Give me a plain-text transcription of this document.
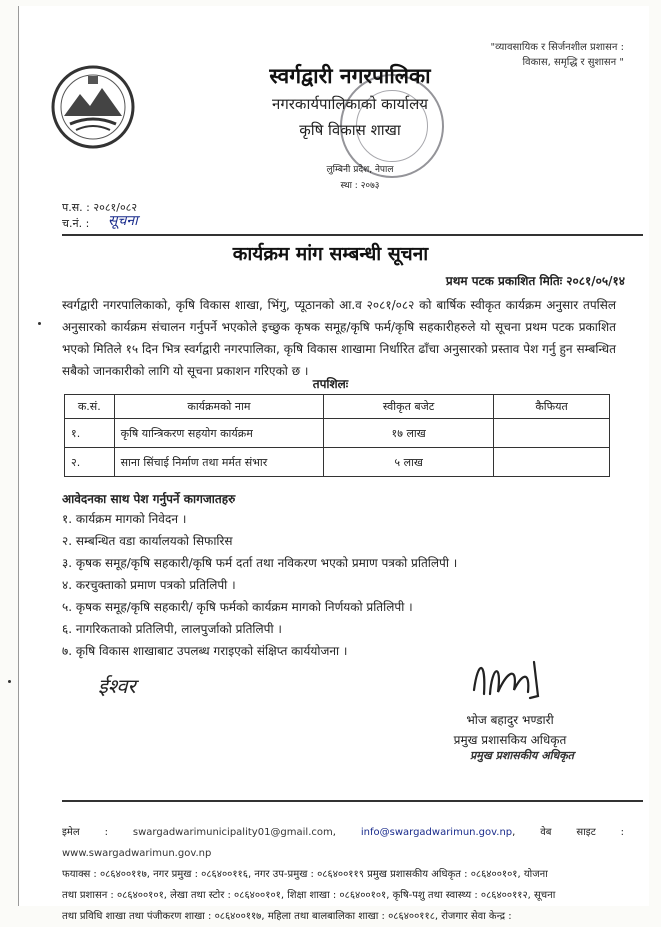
"व्यावसायिक र सिर्जनशील प्रशासन :
विकास, समृद्धि र सुशासन "
स्वर्गद्वारी नगरपालिका
नगरकार्यपालिकाको कार्यालय
कृषि विकास शाखा
लुम्बिनी प्रदेश, नेपाल
स्था : २०७३
प.स. : २०८१/०८२
च.नं. : सूचना
कार्यक्रम मांग सम्बन्धी सूचना
प्रथम पटक प्रकाशित मितिः २०८१/०५/१४
स्वर्गद्वारी नगरपालिकाको, कृषि विकास शाखा, भिंगु, प्यूठानको आ.व २०८१/०८२ को बार्षिक स्वीकृत कार्यक्रम अनुसार तपसिल अनुसारको कार्यक्रम संचालन गर्नुपर्ने भएकोले इच्छुक कृषक समूह/कृषि फर्म/कृषि सहकारीहरुले यो सूचना प्रथम पटक प्रकाशित भएको मितिले १५ दिन भित्र स्वर्गद्वारी नगरपालिका, कृषि विकास शाखामा निर्धारित ढाँचा अनुसारको प्रस्ताव पेश गर्नु हुन सम्बन्धित सबैको जानकारीको लागि यो सूचना प्रकाशन गरिएको छ ।
तपशिलः
क.सं.	कार्यक्रमको नाम	स्वीकृत बजेट	कैफियत
१.	कृषि यान्त्रिकरण सहयोग कार्यक्रम	१७ लाख	
२.	साना सिंचाई निर्माण तथा मर्मत संभार	५ लाख	
आवेदनका साथ पेश गर्नुपर्ने कागजातहरु
१. कार्यक्रम मागको निवेदन ।
२. सम्बन्धित वडा कार्यालयको सिफारिस
३. कृषक समूह/कृषि सहकारी/कृषि फर्म दर्ता तथा नविकरण भएको प्रमाण पत्रको प्रतिलिपी ।
४. करचुक्ताको प्रमाण पत्रको प्रतिलिपी ।
५. कृषक समूह/कृषि सहकारी/ कृषि फर्मको कार्यक्रम मागको निर्णयको प्रतिलिपी ।
६. नागरिकताको प्रतिलिपी, लालपुर्जाको प्रतिलिपी ।
७. कृषि विकास शाखाबाट उपलब्ध गराइएको संक्षिप्त कार्ययोजना ।
ईश्वर
भोज बहादुर भण्डारी
प्रमुख प्रशासकिय अधिकृत
प्रमुख प्रशासकीय अधिकृत
इमेल : swargadwarimunicipality01@gmail.com, info@swargadwarimun.gov.np, वेब साइट : www.swargadwarimun.gov.np
फयाक्स : ०८६४००११७, नगर प्रमुख : ०८६४००११६, नगर उप-प्रमुख : ०८६४००११९ प्रमुख प्रशासकीय अधिकृत : ०८६४००१०१, योजना
तथा प्रशासन : ०८६४००१०१, लेखा तथा स्टोर : ०८६४००१०१, शिक्षा शाखा : ०८६४००१०१, कृषि-पशु तथा स्वास्थ्य : ०८६४००११२, सूचना
तथा प्रविधि शाखा तथा पंजीकरण शाखा : ०८६४००११७, महिला तथा बालबालिका शाखा : ०८६४००११८, रोजगार सेवा केन्द्र :
